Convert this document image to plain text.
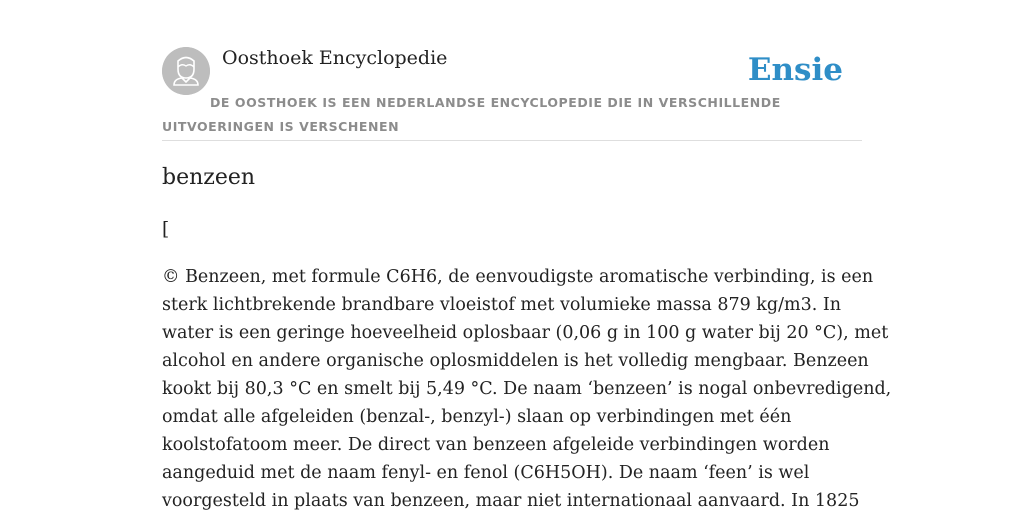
Oosthoek Encyclopedie	Ensie
DE OOSTHOEK IS EEN NEDERLANDSE ENCYCLOPEDIE DIE IN VERSCHILLENDE UITVOERINGEN IS VERSCHENEN
benzeen
[

© Benzeen, met formule C6H6, de eenvoudigste aromatische verbinding, is een
sterk lichtbrekende brandbare vloeistof met volumieke massa 879 kg/m3. In
water is een geringe hoeveelheid oplosbaar (0,06 g in 100 g water bij 20 °C), met
alcohol en andere organische oplosmiddelen is het volledig mengbaar. Benzeen
kookt bij 80,3 °C en smelt bij 5,49 °C. De naam ‘benzeen’ is nogal onbevredigend,
omdat alle afgeleiden (benzal-, benzyl-) slaan op verbindingen met één
koolstofatoom meer. De direct van benzeen afgeleide verbindingen worden
aangeduid met de naam fenyl- en fenol (C6H5OH). De naam ‘feen’ is wel
voorgesteld in plaats van benzeen, maar niet internationaal aanvaard. In 1825
